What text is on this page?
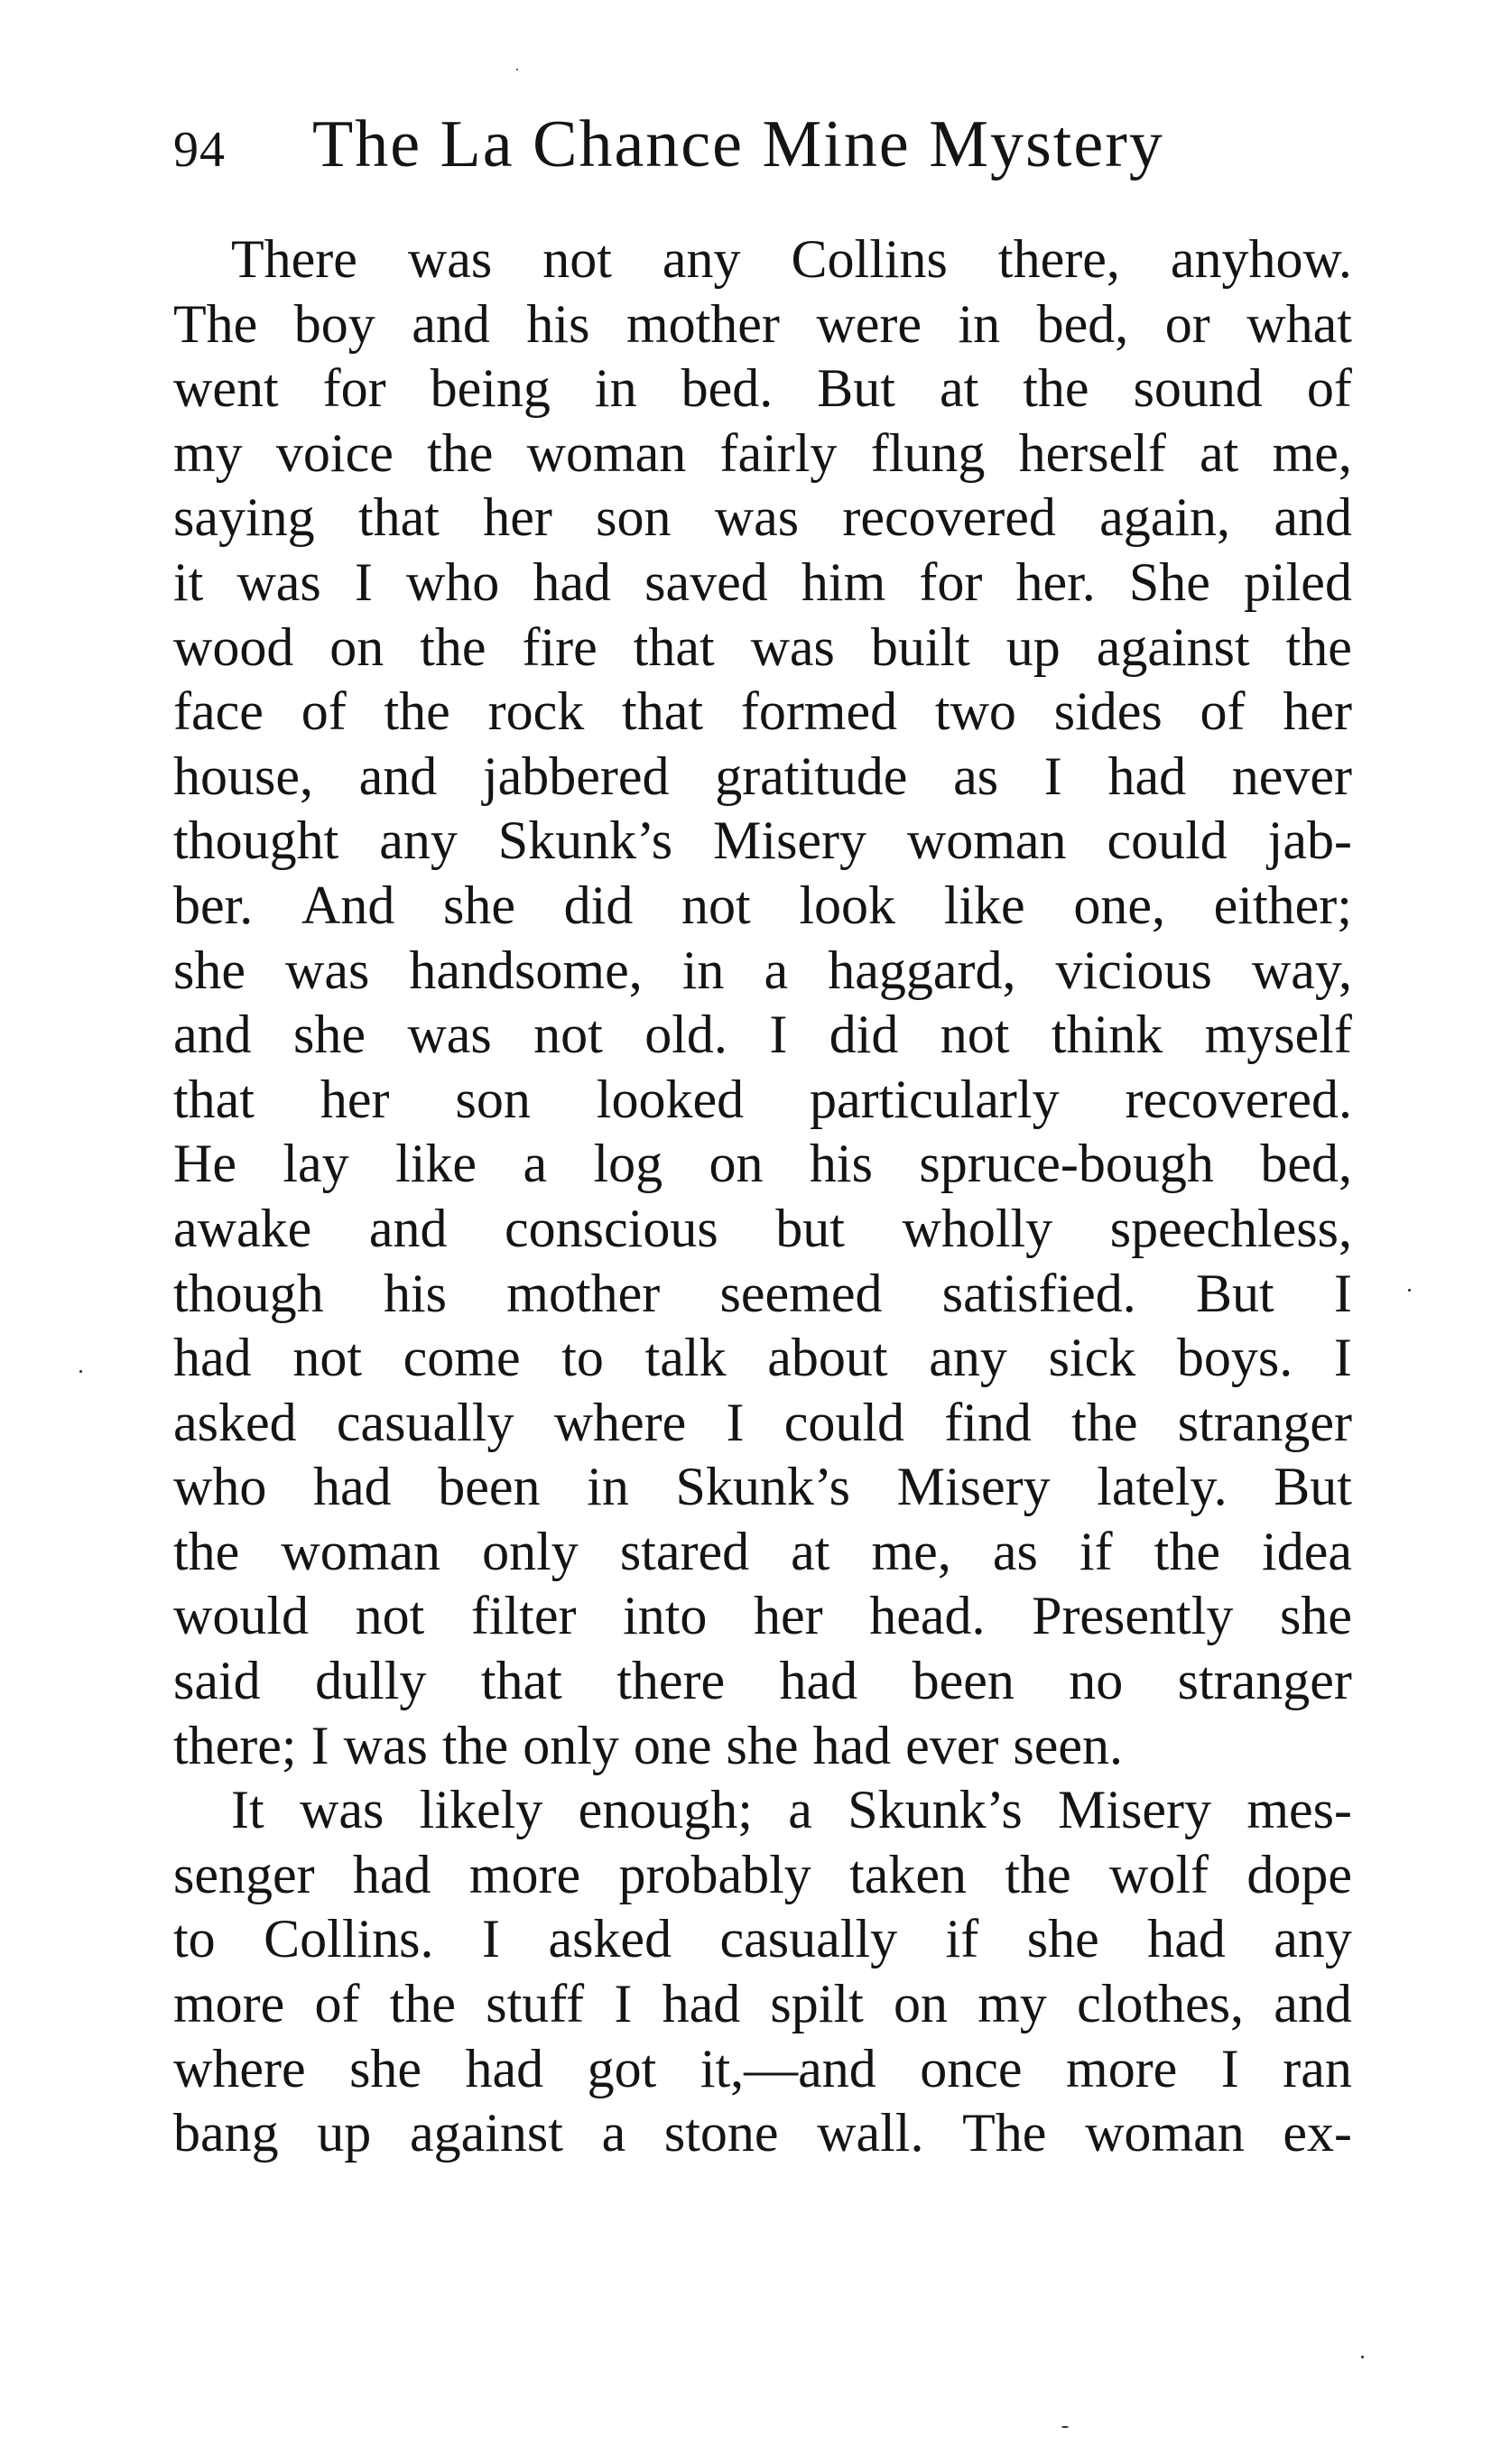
94 The La Chance Mine Mystery
There was not any Collins there, anyhow.
The boy and his mother were in bed, or what
went for being in bed. But at the sound of
my voice the woman fairly flung herself at me,
saying that her son was recovered again, and
it was I who had saved him for her. She piled
wood on the fire that was built up against the
face of the rock that formed two sides of her
house, and jabbered gratitude as I had never
thought any Skunk’s Misery woman could jab-
ber. And she did not look like one, either;
she was handsome, in a haggard, vicious way,
and she was not old. I did not think myself
that her son looked particularly recovered.
He lay like a log on his spruce-bough bed,
awake and conscious but wholly speechless,
though his mother seemed satisfied. But I
had not come to talk about any sick boys. I
asked casually where I could find the stranger
who had been in Skunk’s Misery lately. But
the woman only stared at me, as if the idea
would not filter into her head. Presently she
said dully that there had been no stranger
there; I was the only one she had ever seen.
It was likely enough; a Skunk’s Misery mes-
senger had more probably taken the wolf dope
to Collins. I asked casually if she had any
more of the stuff I had spilt on my clothes, and
where she had got it,—and once more I ran
bang up against a stone wall. The woman ex-
